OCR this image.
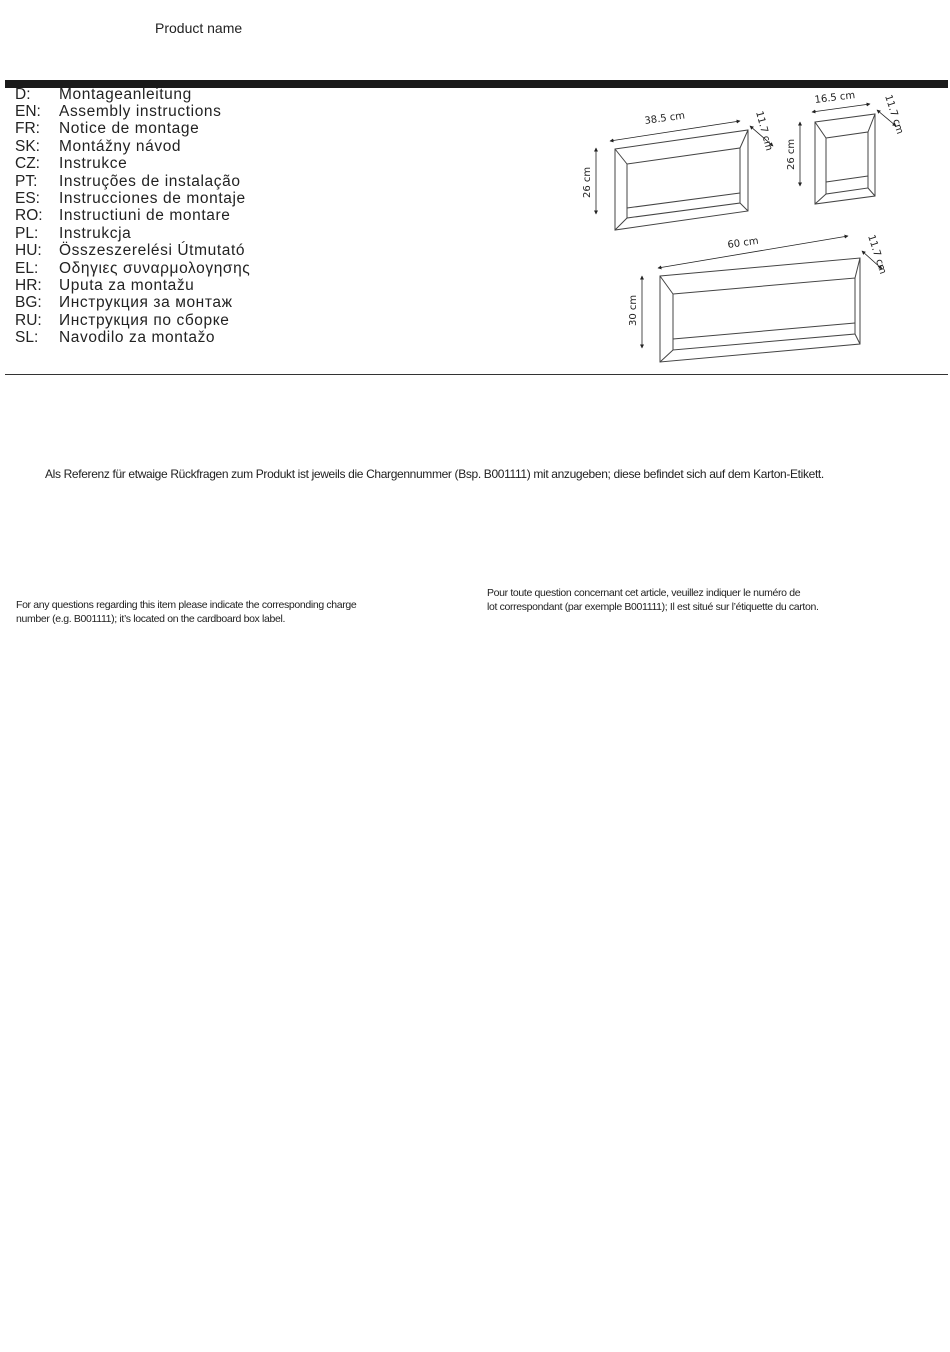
Product name
D:	Montageanleitung
EN:	Assembly instructions
FR:	Notice de montage
SK:	Montážny návod
CZ:	Instrukce
PT:	Instruções de instalação
ES:	Instrucciones de montaje
RO:	Instructiuni de montare
PL:	Instrukcja
HU:	Összeszerelési Útmutató
EL:	Οδηγιες συναρμολογησης
HR:	Uputa za montažu
BG:	Инструкция за монтаж
RU:	Инструкция по сборке
SL:	Navodilo za montažo
38.5 cm
26 cm
11.7 cm
16.5 cm
26 cm
11.7 cm
60 cm
30 cm
11.7 cm
Als Referenz für etwaige Rückfragen zum Produkt ist jeweils die Chargennummer (Bsp. B001111) mit anzugeben; diese befindet sich auf dem Karton-Etikett.
For any questions regarding this item please indicate the corresponding charge
number (e.g. B001111); it’s located on the cardboard box label.
Pour toute question concernant cet article, veuillez indiquer le numéro de
lot correspondant (par exemple B001111); Il est situé sur l’étiquette du carton.
